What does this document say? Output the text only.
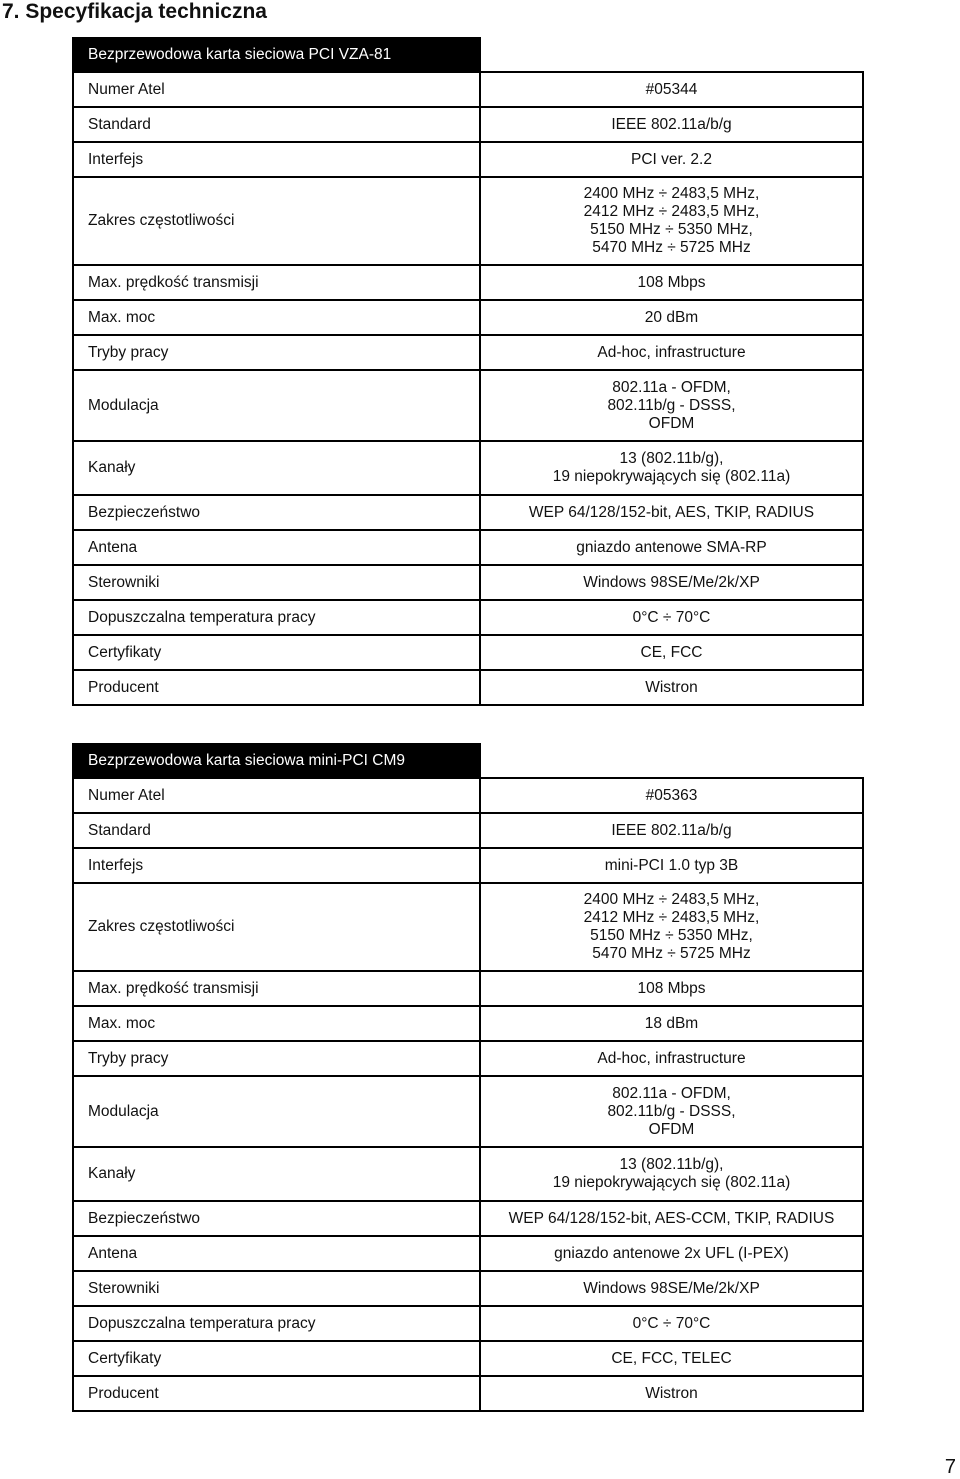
7. Specyfikacja techniczna
Bezprzewodowa karta sieciowa PCI VZA-81	
Numer Atel	#05344
Standard	IEEE 802.11a/b/g
Interfejs	PCI ver. 2.2
Zakres częstotliwości	2400 MHz ÷ 2483,5 MHz,
2412 MHz ÷ 2483,5 MHz,
5150 MHz ÷ 5350 MHz,
5470 MHz ÷ 5725 MHz
Max. prędkość transmisji	108 Mbps
Max. moc	20 dBm
Tryby pracy	Ad-hoc, infrastructure
Modulacja	802.11a - OFDM,
802.11b/g - DSSS,
OFDM
Kanały	13 (802.11b/g),
19 niepokrywających się (802.11a)
Bezpieczeństwo	WEP 64/128/152-bit, AES, TKIP, RADIUS
Antena	gniazdo antenowe SMA-RP
Sterowniki	Windows 98SE/Me/2k/XP
Dopuszczalna temperatura pracy	0°C ÷ 70°C
Certyfikaty	CE, FCC
Producent	Wistron
Bezprzewodowa karta sieciowa mini-PCI CM9	
Numer Atel	#05363
Standard	IEEE 802.11a/b/g
Interfejs	mini-PCI 1.0 typ 3B
Zakres częstotliwości	2400 MHz ÷ 2483,5 MHz,
2412 MHz ÷ 2483,5 MHz,
5150 MHz ÷ 5350 MHz,
5470 MHz ÷ 5725 MHz
Max. prędkość transmisji	108 Mbps
Max. moc	18 dBm
Tryby pracy	Ad-hoc, infrastructure
Modulacja	802.11a - OFDM,
802.11b/g - DSSS,
OFDM
Kanały	13 (802.11b/g),
19 niepokrywających się (802.11a)
Bezpieczeństwo	WEP 64/128/152-bit, AES-CCM, TKIP, RADIUS
Antena	gniazdo antenowe 2x UFL (I-PEX)
Sterowniki	Windows 98SE/Me/2k/XP
Dopuszczalna temperatura pracy	0°C ÷ 70°C
Certyfikaty	CE, FCC, TELEC
Producent	Wistron
7
